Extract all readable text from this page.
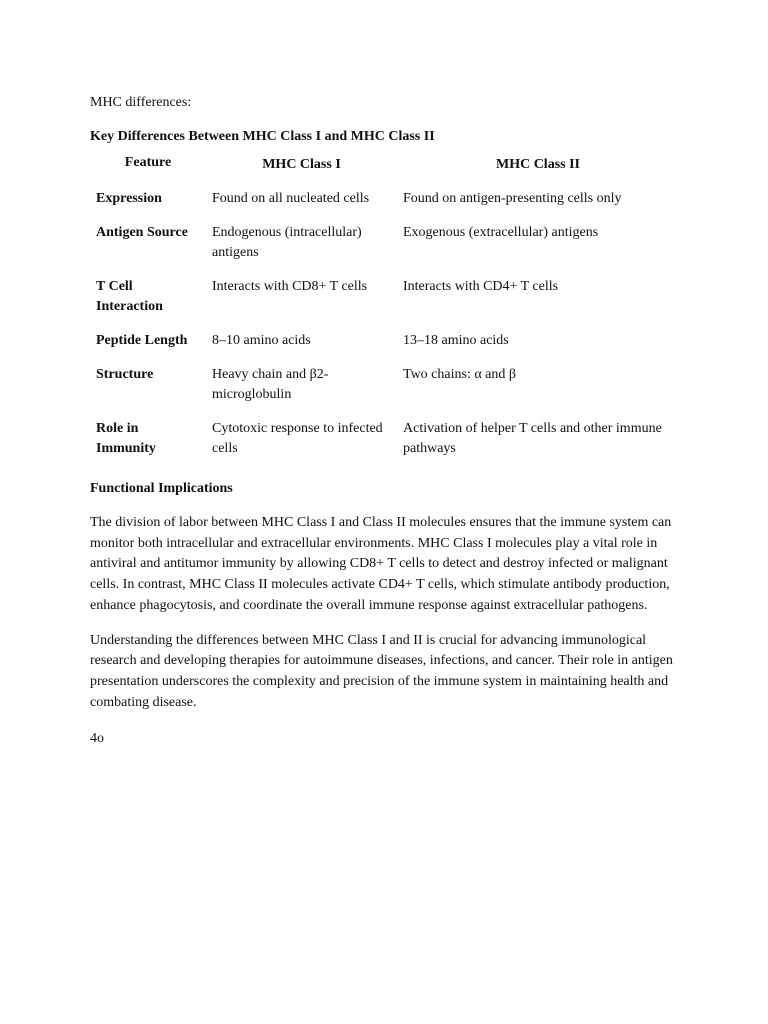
MHC differences:

Key Differences Between MHC Class I and MHC Class II

Feature	MHC Class I	MHC Class II
Expression	Found on all nucleated cells	Found on antigen-presenting cells only
Antigen Source	Endogenous (intracellular) antigens	Exogenous (extracellular) antigens
T Cell Interaction	Interacts with CD8+ T cells	Interacts with CD4+ T cells
Peptide Length	8–10 amino acids	13–18 amino acids
Structure	Heavy chain and β2-microglobulin	Two chains: α and β
Role in Immunity	Cytotoxic response to infected cells	Activation of helper T cells and other immune pathways

Functional Implications

The division of labor between MHC Class I and Class II molecules ensures that the immune system can monitor both intracellular and extracellular environments. MHC Class I molecules play a vital role in antiviral and antitumor immunity by allowing CD8+ T cells to detect and destroy infected or malignant cells. In contrast, MHC Class II molecules activate CD4+ T cells, which stimulate antibody production, enhance phagocytosis, and coordinate the overall immune response against extracellular pathogens.

Understanding the differences between MHC Class I and II is crucial for advancing immunological research and developing therapies for autoimmune diseases, infections, and cancer. Their role in antigen presentation underscores the complexity and precision of the immune system in maintaining health and combating disease.

4o
